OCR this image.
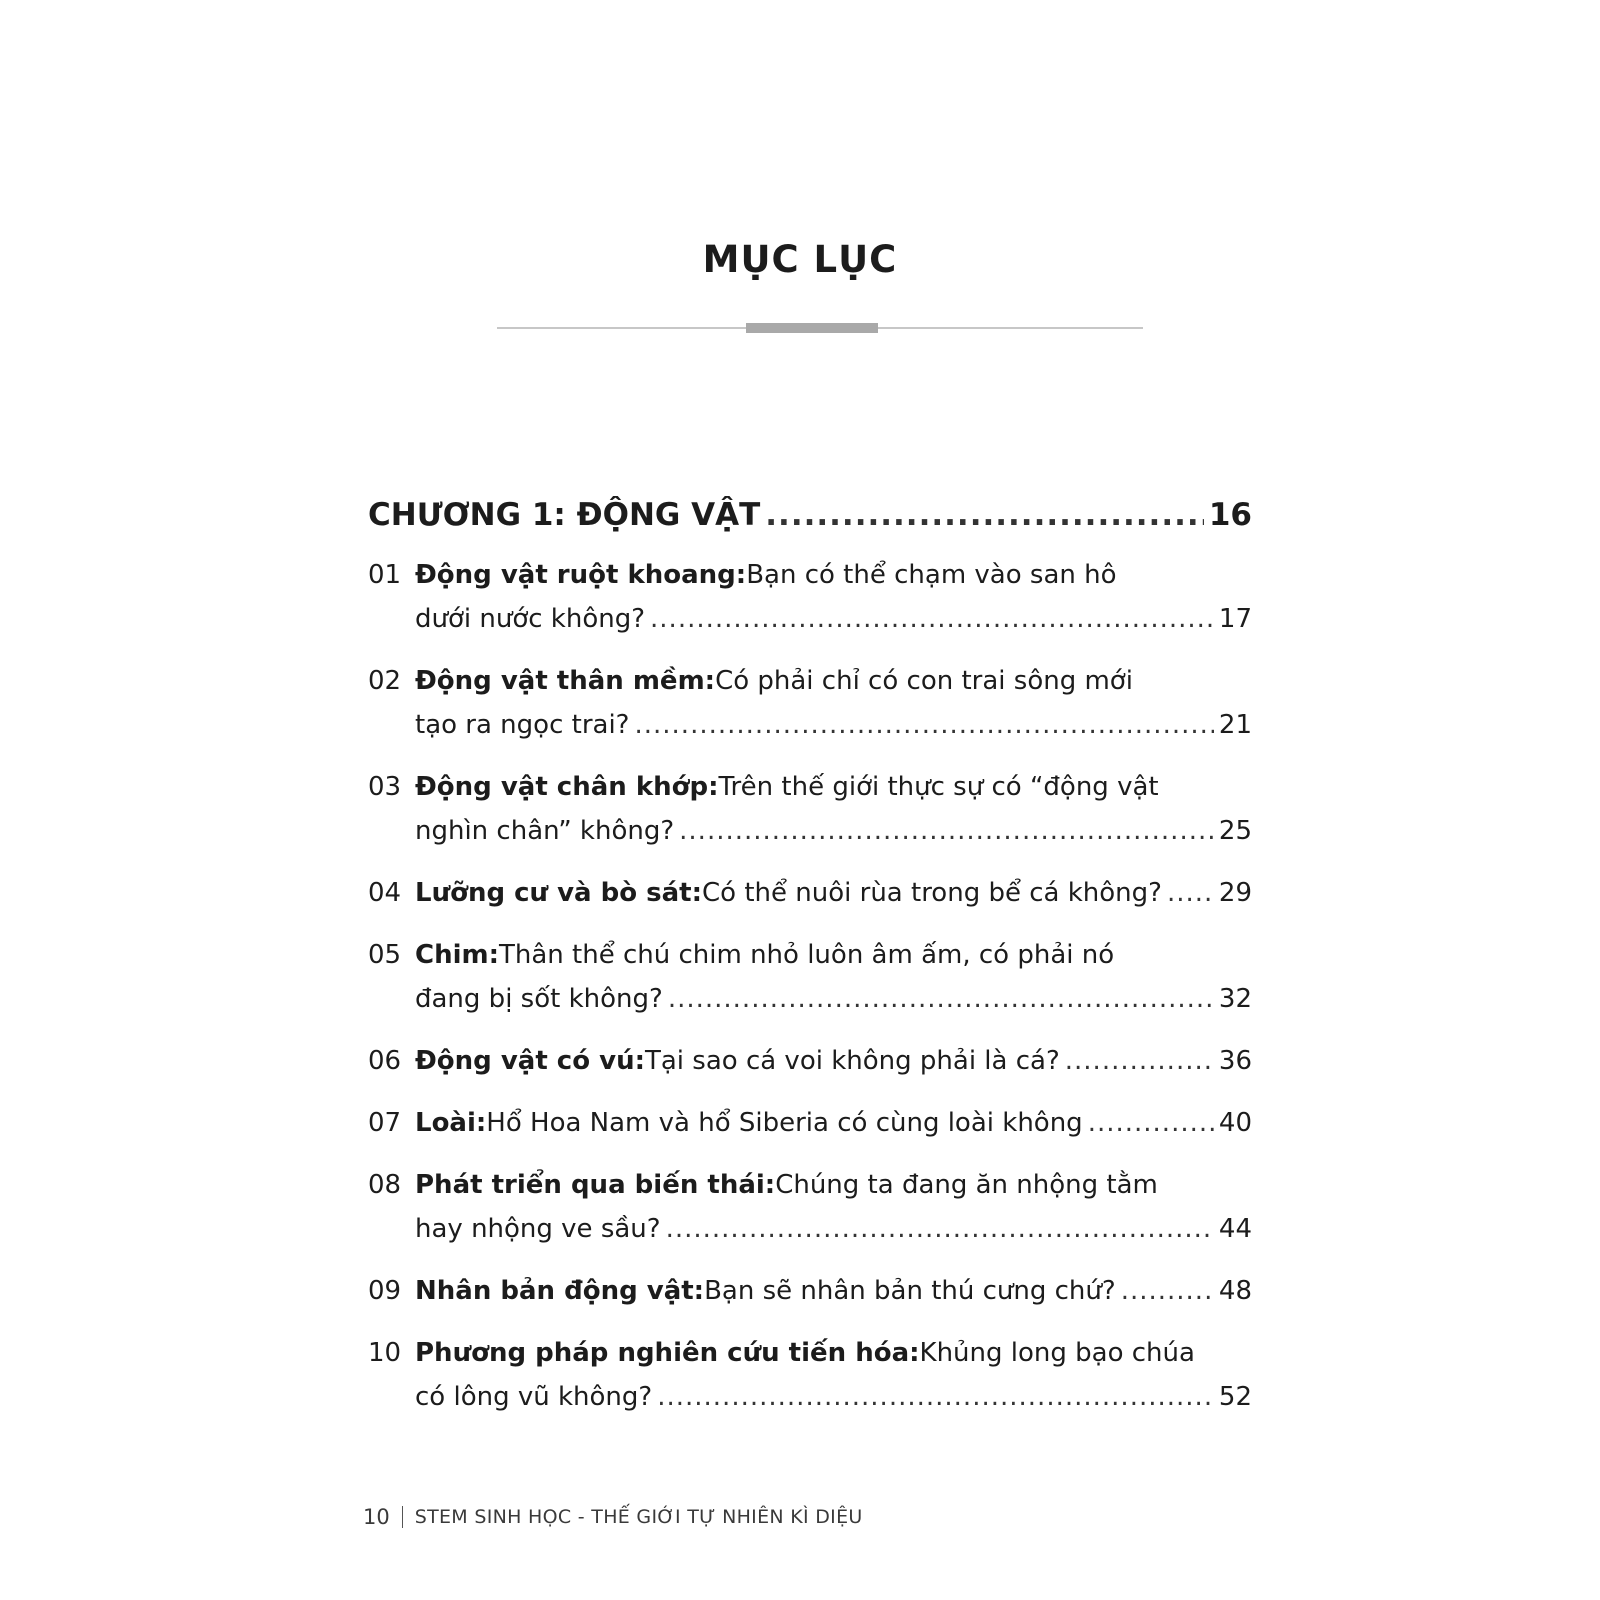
MỤC LỤC
CHƯƠNG 1: ĐỘNG VẬT .....	16
01 Động vật ruột khoang: Bạn có thể chạm vào san hô
dưới nước không? .....	17
02 Động vật thân mềm: Có phải chỉ có con trai sông mới
tạo ra ngọc trai? .....	21
03 Động vật chân khớp: Trên thế giới thực sự có “động vật
nghìn chân” không? .....	25
04 Lưỡng cư và bò sát: Có thể nuôi rùa trong bể cá không? ..... 29
05 Chim: Thân thể chú chim nhỏ luôn âm ấm, có phải nó
đang bị sốt không? .....	32
06 Động vật có vú: Tại sao cá voi không phải là cá? .....	36
07 Loài: Hổ Hoa Nam và hổ Siberia có cùng loài không .....	40
08 Phát triển qua biến thái: Chúng ta đang ăn nhộng tằm
hay nhộng ve sầu? .....	44
09 Nhân bản động vật: Bạn sẽ nhân bản thú cưng chứ? .....	48
10 Phương pháp nghiên cứu tiến hóa: Khủng long bạo chúa
có lông vũ không? .....	52
10 STEM SINH HỌC - THẾ GIỚI TỰ NHIÊN KÌ DIỆU
